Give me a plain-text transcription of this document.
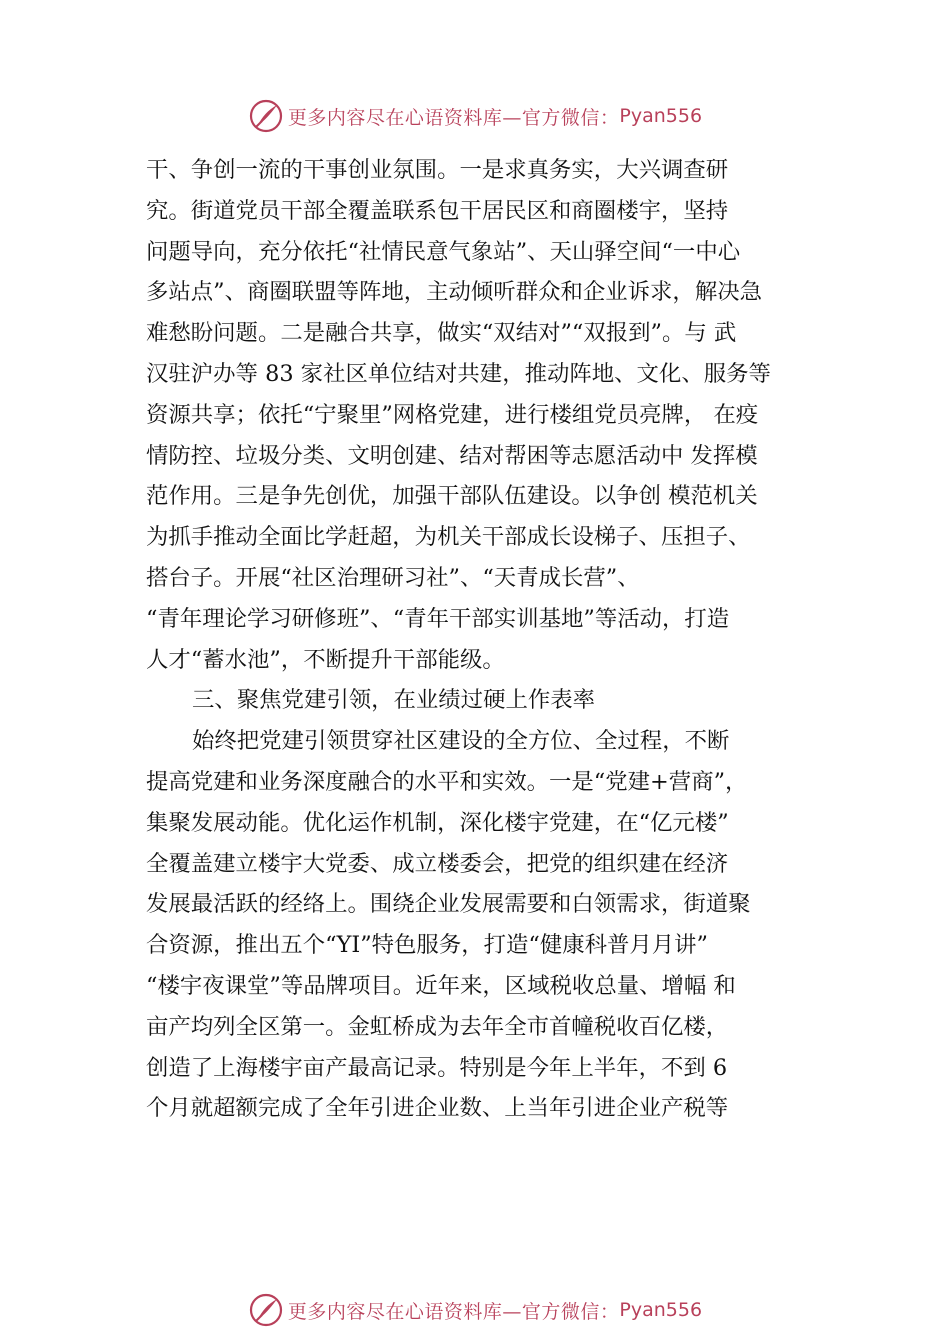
更多内容尽在心语资料库—官方微信： Pyan556
干、争创一流的干事创业氛围。一是求真务实，大兴调查研
究。街道党员干部全覆盖联系包干居民区和商圈楼宇，坚持
问题导向，充分依托“社情民意气象站”、天山驿空间“一中心
多站点”、商圈联盟等阵地，主动倾听群众和企业诉求，解决急
难愁盼问题。二是融合共享，做实“双结对”“双报到”。与 武
汉驻沪办等 83 家社区单位结对共建，推动阵地、文化、服务等
资源共享；依托“宁聚里”网格党建，进行楼组党员亮牌， 在疫
情防控、垃圾分类、文明创建、结对帮困等志愿活动中 发挥模
范作用。三是争先创优，加强干部队伍建设。以争创 模范机关
为抓手推动全面比学赶超，为机关干部成长设梯子、压担子、
搭台子。开展“社区治理研习社”、“天青成长营”、
“青年理论学习研修班”、“青年干部实训基地”等活动，打造
人才“蓄水池”，不断提升干部能级。
三、聚焦党建引领，在业绩过硬上作表率
始终把党建引领贯穿社区建设的全方位、全过程，不断
提高党建和业务深度融合的水平和实效。一是“党建+营商”，
集聚发展动能。优化运作机制，深化楼宇党建，在“亿元楼”
全覆盖建立楼宇大党委、成立楼委会，把党的组织建在经济
发展最活跃的经络上。围绕企业发展需要和白领需求，街道聚
合资源，推出五个“YI”特色服务，打造“健康科普月月讲”
“楼宇夜课堂”等品牌项目。近年来，区域税收总量、增幅 和
亩产均列全区第一。金虹桥成为去年全市首幢税收百亿楼，
创造了上海楼宇亩产最高记录。特别是今年上半年，不到 6
个月就超额完成了全年引进企业数、上当年引进企业产税等
更多内容尽在心语资料库—官方微信： Pyan556
